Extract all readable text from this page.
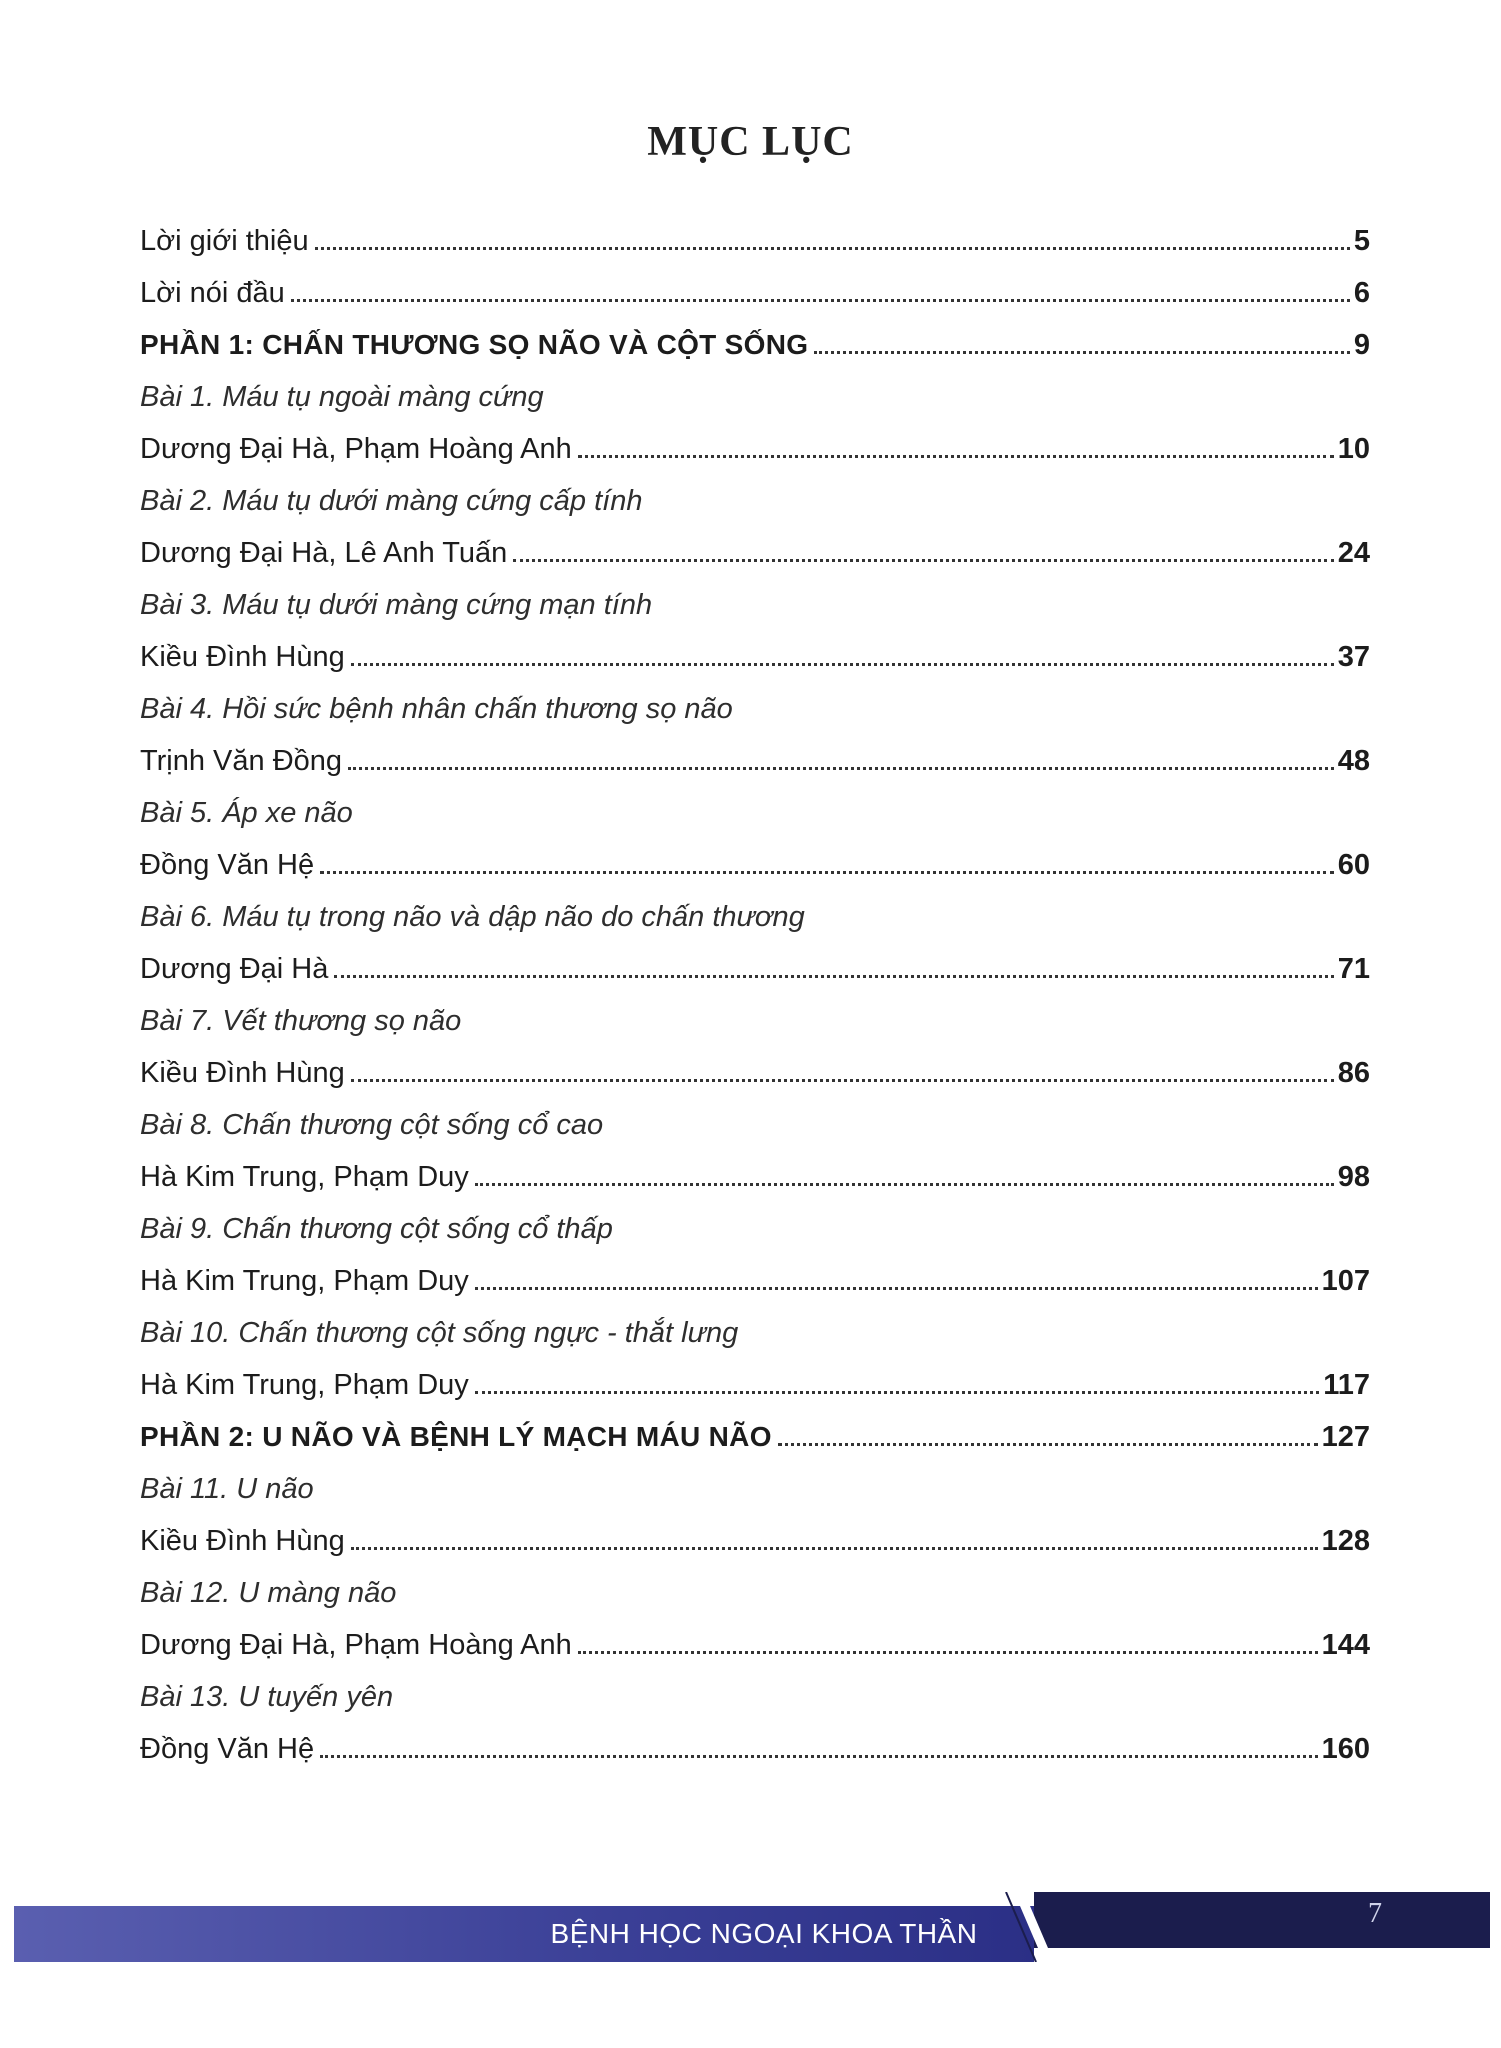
MỤC LỤC
Lời giới thiệu	5
Lời nói đầu	6
PHẦN 1: CHẤN THƯƠNG SỌ NÃO VÀ CỘT SỐNG	9
Bài 1. Máu tụ ngoài màng cứng
Dương Đại Hà, Phạm Hoàng Anh	10
Bài 2. Máu tụ dưới màng cứng cấp tính
Dương Đại Hà, Lê Anh Tuấn	24
Bài 3. Máu tụ dưới màng cứng mạn tính
Kiều Đình Hùng	37
Bài 4. Hồi sức bệnh nhân chấn thương sọ não
Trịnh Văn Đồng	48
Bài 5. Áp xe não
Đồng Văn Hệ	60
Bài 6. Máu tụ trong não và dập não do chấn thương
Dương Đại Hà	71
Bài 7. Vết thương sọ não
Kiều Đình Hùng	86
Bài 8. Chấn thương cột sống cổ cao
Hà Kim Trung, Phạm Duy	98
Bài 9. Chấn thương cột sống cổ thấp
Hà Kim Trung, Phạm Duy	107
Bài 10. Chấn thương cột sống ngực - thắt lưng
Hà Kim Trung, Phạm Duy	117
PHẦN 2: U NÃO VÀ BỆNH LÝ MẠCH MÁU NÃO	127
Bài 11. U não
Kiều Đình Hùng	128
Bài 12. U màng não
Dương Đại Hà, Phạm Hoàng Anh	144
Bài 13. U tuyến yên
Đồng Văn Hệ	160
BỆNH HỌC NGOẠI KHOA THẦN KINH
7
